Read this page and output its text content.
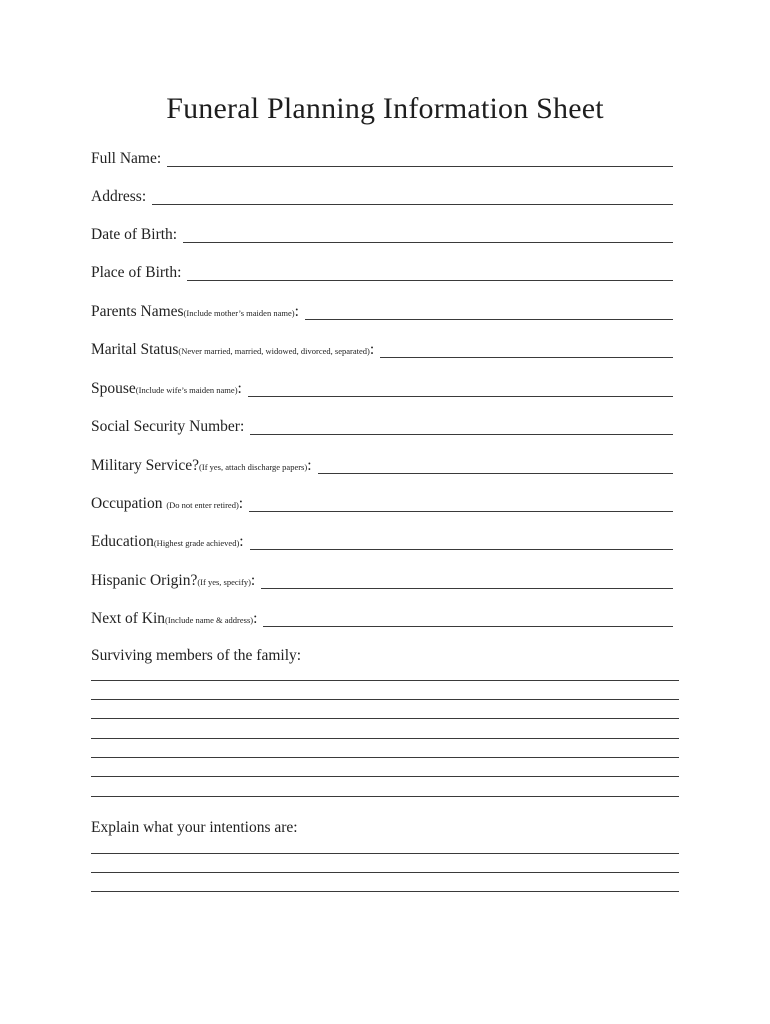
Funeral Planning Information Sheet
Full Name:
Address:
Date of Birth:
Place of Birth:
Parents Names(Include mother’s maiden name):
Marital Status(Never married, married, widowed, divorced, separated):
Spouse(Include wife’s maiden name):
Social Security Number:
Military Service?(If yes, attach discharge papers):
Occupation (Do not enter retired):
Education(Highest grade achieved):
Hispanic Origin?(If yes, specify):
Next of Kin(Include name & address):
Surviving members of the family:
Explain what your intentions are:
